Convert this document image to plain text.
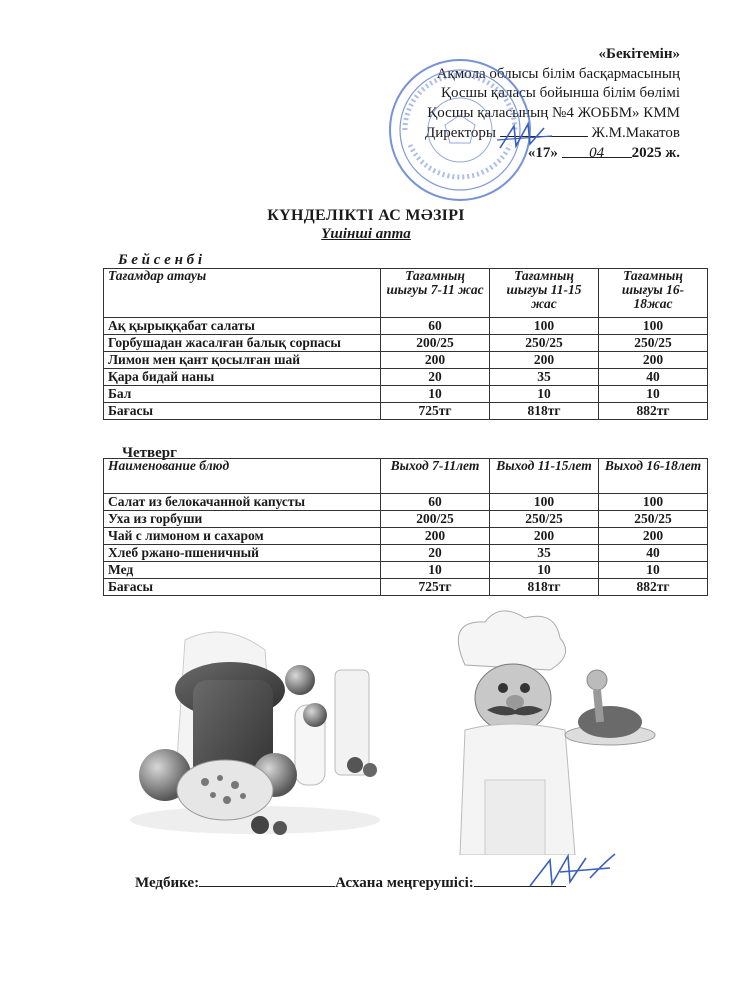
«Бекітемін»
Ақмола облысы білім басқармасының
Қосшы қаласы бойынша білім бөлімі
Қосшы қаласының №4 ЖОББМ» КММ
Директоры	Ж.М.Макатов
«17» 04 2025 ж.
КҮНДЕЛІКТІ АС МӘЗІРІ
Үшінші апта
Б е й с е н б і
Тағамдар атауы	Тағамның шығуы 7-11 жас	Тағамның шығуы 11-15 жас	Тағамның шығуы 16-18жас
Ақ қырыққабат салаты	60	100	100
Горбушадан жасалған балық сорпасы	200/25	250/25	250/25
Лимон мен қант қосылған шай	200	200	200
Қара бидай наны	20	35	40
Бал	10	10	10
Бағасы	725тг	818тг	882тг
Четверг
Наименование блюд	Выход 7-11лет	Выход 11-15лет	Выход 16-18лет
Салат из белокачанной капусты	60	100	100
Уха из горбуши	200/25	250/25	250/25
Чай с лимоном и сахаром	200	200	200
Хлеб ржано-пшеничный	20	35	40
Мед	10	10	10
Бағасы	725тг	818тг	882тг
Медбике:	Асхана меңгерушісі:
